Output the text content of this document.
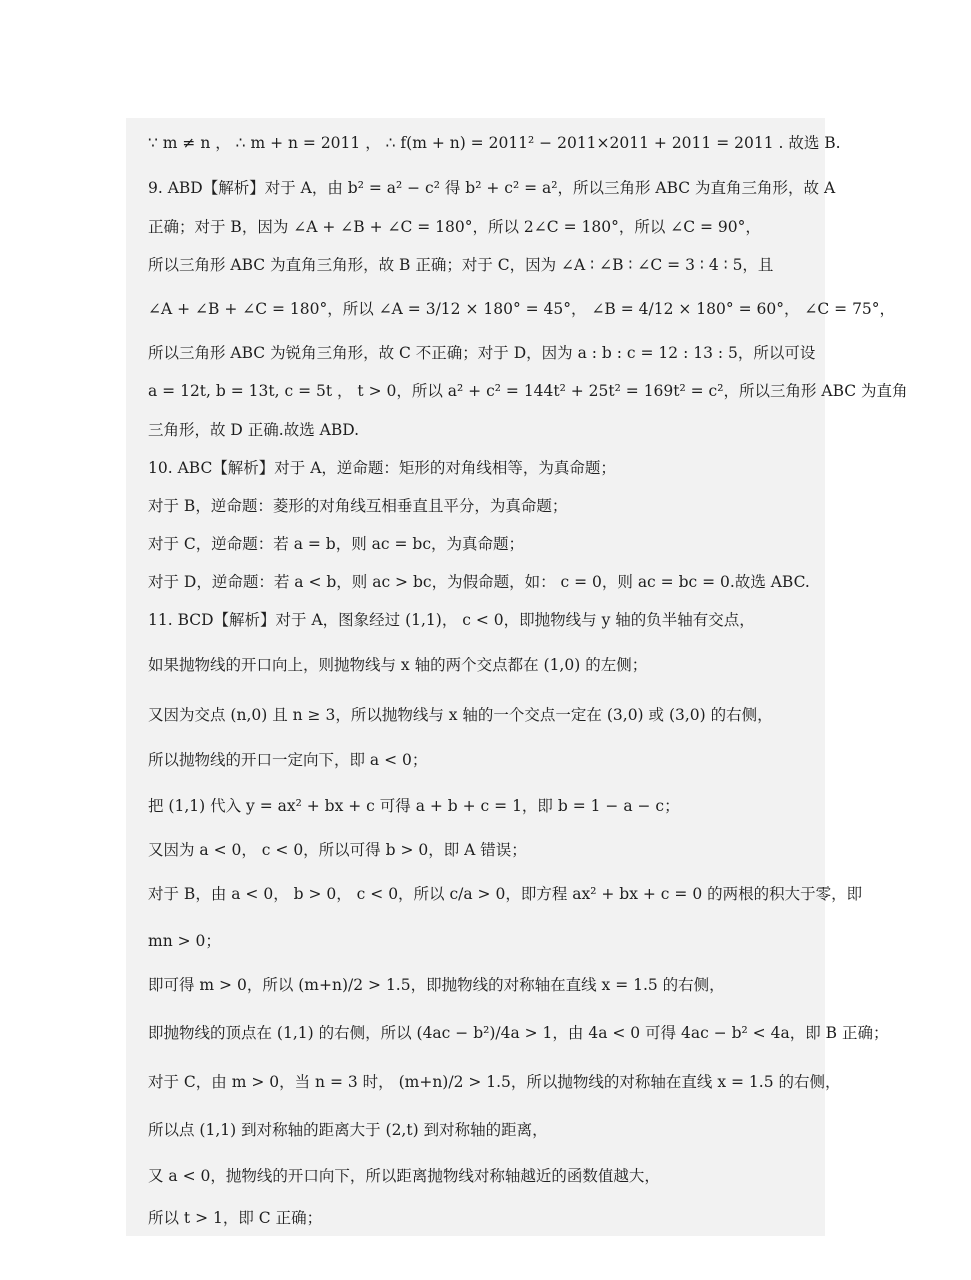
∵ m ≠ n ， ∴ m + n = 2011 ， ∴ f(m + n) = 2011² − 2011×2011 + 2011 = 2011 . 故选 B.
9. ABD【解析】对于 A，由 b² = a² − c² 得 b² + c² = a²，所以三角形 ABC 为直角三角形，故 A
正确；对于 B，因为 ∠A + ∠B + ∠C = 180°，所以 2∠C = 180°，所以 ∠C = 90°，
所以三角形 ABC 为直角三角形，故 B 正确；对于 C，因为 ∠A ∶ ∠B ∶ ∠C = 3 ∶ 4 ∶ 5，且
∠A + ∠B + ∠C = 180°，所以 ∠A = 3/12 × 180° = 45°， ∠B = 4/12 × 180° = 60°， ∠C = 75°，
所以三角形 ABC 为锐角三角形，故 C 不正确；对于 D，因为 a : b : c = 12 : 13 : 5，所以可设
a = 12t, b = 13t, c = 5t ， t > 0，所以 a² + c² = 144t² + 25t² = 169t² = c²，所以三角形 ABC 为直角
三角形，故 D 正确.故选 ABD.
10. ABC【解析】对于 A，逆命题：矩形的对角线相等，为真命题；
对于 B，逆命题：菱形的对角线互相垂直且平分，为真命题；
对于 C，逆命题：若 a = b，则 ac = bc，为真命题；
对于 D，逆命题：若 a < b，则 ac > bc，为假命题，如： c = 0，则 ac = bc = 0.故选 ABC.
11. BCD【解析】对于 A，图象经过 (1,1)， c < 0，即抛物线与 y 轴的负半轴有交点，
如果抛物线的开口向上，则抛物线与 x 轴的两个交点都在 (1,0) 的左侧；
又因为交点 (n,0) 且 n ≥ 3，所以抛物线与 x 轴的一个交点一定在 (3,0) 或 (3,0) 的右侧，
所以抛物线的开口一定向下，即 a < 0；
把 (1,1) 代入 y = ax² + bx + c 可得 a + b + c = 1，即 b = 1 − a − c；
又因为 a < 0， c < 0，所以可得 b > 0，即 A 错误；
对于 B，由 a < 0， b > 0， c < 0，所以 c/a > 0，即方程 ax² + bx + c = 0 的两根的积大于零，即
mn > 0；
即可得 m > 0，所以 (m+n)/2 > 1.5，即抛物线的对称轴在直线 x = 1.5 的右侧，
即抛物线的顶点在 (1,1) 的右侧，所以 (4ac − b²)/4a > 1，由 4a < 0 可得 4ac − b² < 4a，即 B 正确；
对于 C，由 m > 0，当 n = 3 时， (m+n)/2 > 1.5，所以抛物线的对称轴在直线 x = 1.5 的右侧，
所以点 (1,1) 到对称轴的距离大于 (2,t) 到对称轴的距离，
又 a < 0，抛物线的开口向下，所以距离抛物线对称轴越近的函数值越大，
所以 t > 1，即 C 正确；
